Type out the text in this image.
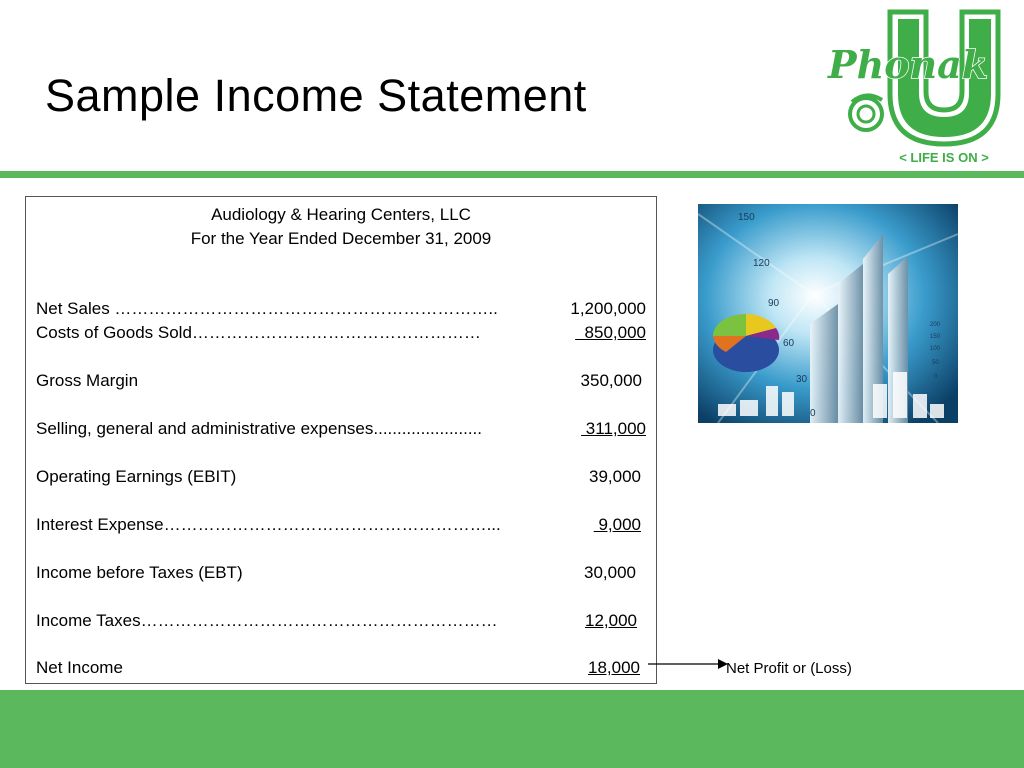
Sample Income Statement
Phonak
< LIFE IS ON >
Audiology & Hearing Centers, LLC
For the Year Ended December 31, 2009
Net Sales …………………………………………………………..	1,200,000
Costs of Goods Sold……………………………………………	850,000
Gross Margin	350,000
Selling, general and administrative expenses.......................	311,000
Operating Earnings (EBIT)	39,000
Interest Expense…………………………………………………...	9,000
Income before Taxes (EBT)	30,000
Income Taxes………………………………………………………	12,000
Net Income	18,000
150
120
90
60
30
0
200
150
100
50
0
Net Profit or (Loss)
